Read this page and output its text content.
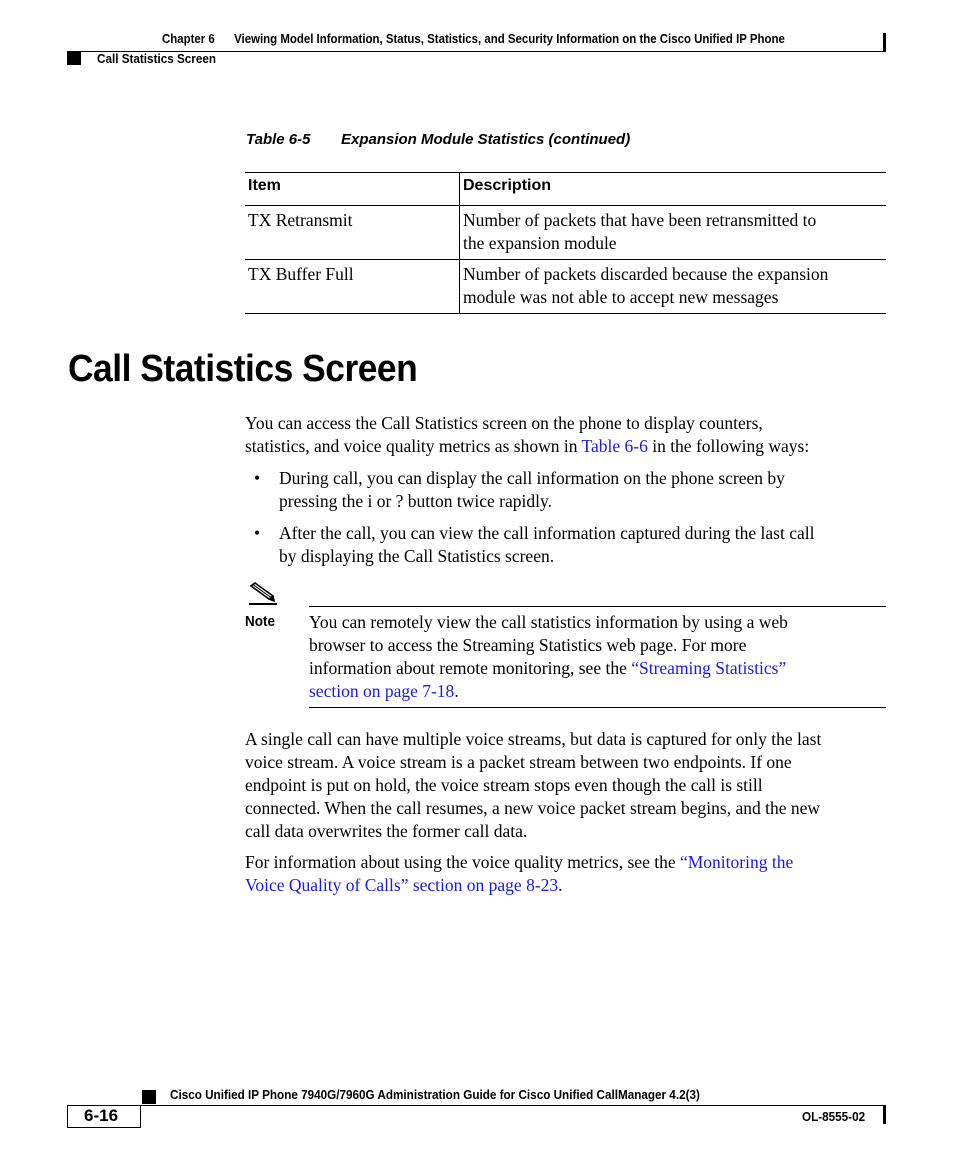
Chapter 6 Viewing Model Information, Status, Statistics, and Security Information on the Cisco Unified IP Phone
Call Statistics Screen
Table 6-5 Expansion Module Statistics (continued)
Item	Description
TX Retransmit	Number of packets that have been retransmitted to
the expansion module

TX Buffer Full	Number of packets discarded because the expansion
module was not able to accept new messages
Call Statistics Screen
You can access the Call Statistics screen on the phone to display counters,
statistics, and voice quality metrics as shown in Table 6-6 in the following ways:
• During call, you can display the call information on the phone screen by
pressing the i or ? button twice rapidly.
• After the call, you can view the call information captured during the last call
by displaying the Call Statistics screen.
Note You can remotely view the call statistics information by using a web
browser to access the Streaming Statistics web page. For more
information about remote monitoring, see the “Streaming Statistics”
section on page 7-18.
A single call can have multiple voice streams, but data is captured for only the last
voice stream. A voice stream is a packet stream between two endpoints. If one
endpoint is put on hold, the voice stream stops even though the call is still
connected. When the call resumes, a new voice packet stream begins, and the new
call data overwrites the former call data.
For information about using the voice quality metrics, see the “Monitoring the
Voice Quality of Calls” section on page 8-23.
Cisco Unified IP Phone 7940G/7960G Administration Guide for Cisco Unified CallManager 4.2(3)
6-16	OL-8555-02
